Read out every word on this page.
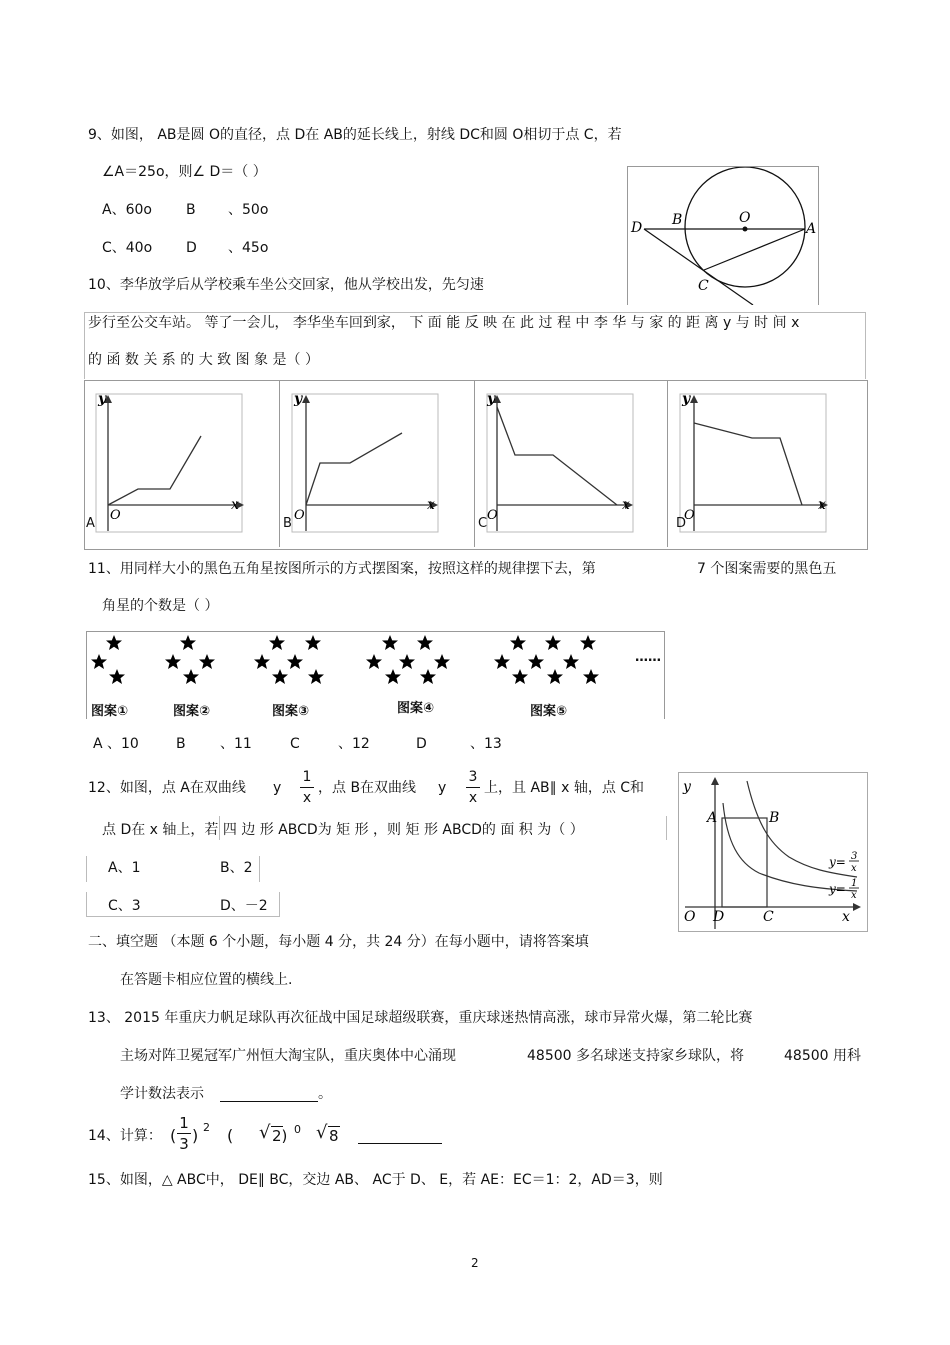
9、如图， AB是圆 O的直径，点 D在 AB的延长线上，射线 DC和圆 O相切于点 C，若
∠A＝25o，则∠ D＝（ ）
A、60o B 、50o
C、40o D 、45o
D B	O
A
C
10、李华放学后从学校乘车坐公交回家，他从学校出发，先匀速
步行至公交车站。 等了一会儿， 李华坐车回到家， 下 面 能 反 映 在 此 过 程 中 李 华 与 家 的 距 离 y 与 时 间 x
的 函 数 关 系 的 大 致 图 象 是（ ）
y
x
O
A
y
x
O
B
y
x
O
C
y
x
O
D
11、用同样大小的黑色五角星按图所示的方式摆图案，按照这样的规律摆下去，第	7 个图案需要的黑色五
角星的个数是（ ）
图案①	图案②	图案③	图案④	图案⑤
……
A 、10	B 、11	C	、12	D	、13
12、如图，点 A在双曲线 y
1
x
，点 B在双曲线 y
3
x
上，且 AB∥ x 轴，点 C和
点 D在 x 轴上，若 四 边 形 ABCD为 矩 形 ，则 矩 形 ABCD的 面 积 为（ ）
A、1	B、2
C、3	D、－2
y
A	B
O D	C	x
y= 3
x
y= 1
x
二、填空题 （本题 6 个小题，每小题 4 分，共 24 分）在每小题中，请将答案填
在答题卡相应位置的横线上.
13、 2015 年重庆力帆足球队再次征战中国足球超级联赛，重庆球迷热情高涨，球市异常火爆，第二轮比赛
主场对阵卫冕冠军广州恒大淘宝队，重庆奥体中心涌现	48500 多名球迷支持家乡球队，将	48500 用科
学计数法表示	。
14、计算： (
1
3 ) 2 ( √ 2) 0 √ 8
15、如图，△ ABC中， DE∥ BC，交边 AB、 AC于 D、 E，若 AE：EC＝1：2，AD＝3，则
2
